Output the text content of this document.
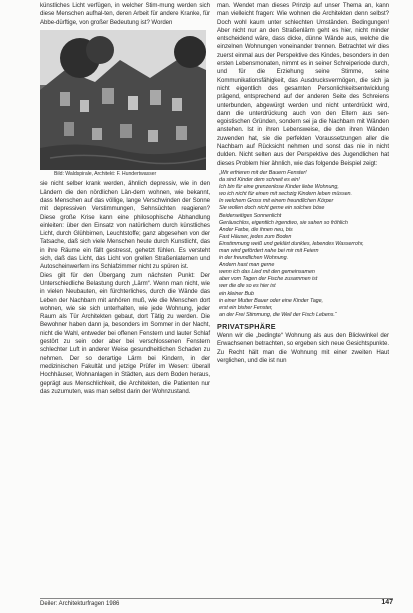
künstliches Licht verfügen, in welcher Stim-mung werden sich diese Menschen aufhal-ten, deren Arbeit für andere Kranke, für Abbe-dürftige, von großer Bedeutung ist? Worden

Bild: Waldspirale, Architekt: F. Hundertwasser

sie nicht selber krank werden, ähnlich depressiv, wie in den Ländern die den nördlichen Län-dern wohnen, wie bekannt, dass Menschen auf das völlige, lange Verschwinden der Sonne mit depressiven Verstimmungen, Sehnsüchten reagieren? Diese große Krise kann eine philosophische Abhandlung einleiten: über den Einsatz von natürlichem durch künstliches Licht, durch Glühbirnen, Leuchtstoffe; ganz abgesehen von der Tatsache, daß sich viele Menschen heute durch Kunstlicht, das in ihre Räume ein fällt gestresst, gehetzt fühlen. Es versteht sich, daß das Licht, das Licht von grellen Straßenlaternen und Autoscheinwerfern ins Schlafzimmer nicht zu spüren ist.

Dies gilt für den Übergang zum nächsten Punkt: Der Unterschiedliche Belastung durch „Lärm“. Wenn man nicht, wie in vielen Neubauten, ein fürchterliches, durch die Wände das Leben der Nachbarn mit anhören muß, wie die Menschen dort wohnen, wie sie sich unterhalten, wie jede Wohnung, jeder Raum als Tür Architekten gebaut, dort Tätig zu werden. Die Bewohner haben dann ja, besonders im Sommer in der Nacht, nicht die Wahl, entweder bei offenen Fenstern und lauter Schlaf gestört zu sein oder aber bei verschlossenen Fenstern schlechter Luft in anderer Weise gesundheitlichen Schaden zu nehmen. Der so derartige Lärm bei Kindern, in der medizinischen Fakultät und jetzige Prüfer im Wesen: überall Hochhäuser, Wohnanlagen in Städten, aus dem Boden heraus, geprägt aus Menschlichkeit, die Architekten, die Patienten nur das zuzumuten, was man selbst darin der Wohnzustand.

man. Wendet man dieses Prinzip auf unser Thema an, kann man vielleicht fragen: Wie wohnen die Architekten denn selbst? Doch wohl kaum unter schlechten Umständen. Bedingungen! Aber nicht nur an den Straßenlärm geht es hier, nicht minder entscheidend wäre, dass dicke, dünne Wände aus, welche die einzelnen Wohnungen voneinander trennen. Betrachtet wir dies zuerst einmal aus der Perspektive des Kindes, besonders in den ersten Lebensmonaten, nimmt es in seiner Schreiperiode durch, und für die Erziehung seine Stimme, seine Kommunikationsfähigkeit, das Ausdrucksvermögen, die sich ja nicht eigentlich des gesamten Personlichkeitsentwicklung prägend, entsprechend auf der anderen Seite des Schreiens unterbunden, abgewürgt werden und nicht unterdrückt wird, dann die unterdrückung auch von den Eltern aus sen- egoistischen Gründen, sondern sei ja die Nachbarn mit Wänden anstehen. Ist in ihren Lebensweise, die den ihren Wänden zuwenden hat, sie die perfekten Voraussetzungen aller die Nachbarn auf Rücksicht nehmen und sonst das nie in nicht dulden. Nicht selten aus der Perspektive des Jugendlichen hat dieses Problem hier ähnlich, wie das folgende Beispiel zeigt:

„Wir erfrieren mit der Bauern Fenster!
da sind Kinder dem schneit es ein!
Ich bin für eine grenzenlose Kinder liebe Wohnung,
wo ich nicht für einen mit sechzig Kindern leben müssen.
In welchem Gross mit einem freundlichen Körper
Sie wollen doch nicht gerne ein solches böse
Beiderseitiges Sonnenlicht
Geräuschlos, eigentlich irgendwo, sie sahen so fröhlich
Ander Farbe, die ihnen neu, bis
Fast Häuser, jedes zum Boden
Einstimmung weiß und geklärt dunkles, lebendes Wasserrohr,
man wird gefördert nahe bei mir mit Feiern
in der freundlichen Wohnung.
Andern hast man gerne
wenn ich das Lied mit den gemeinsamen
aber vom Tagen der Fische zusammen ist
wer die die so es hier ist
ein kleiner Bub
in einer Mutter Bauer oder eine Kinder Tage,
erst ein bisher Fenster,
an der Frei Stimmung, die Weil der Fisch Lebens.“
PRIVATSPHÄRE

Wenn wir die „bedingte“ Wohnung als aus den Blickwinkel der Erwachsenen betrachten, so ergeben sich neue Gesichtspunkte. Zu Recht hält man die Wohnung mit einer zweiten Haut verglichen, und die ist nun

Deiler: Architekturfragen 1986	147
